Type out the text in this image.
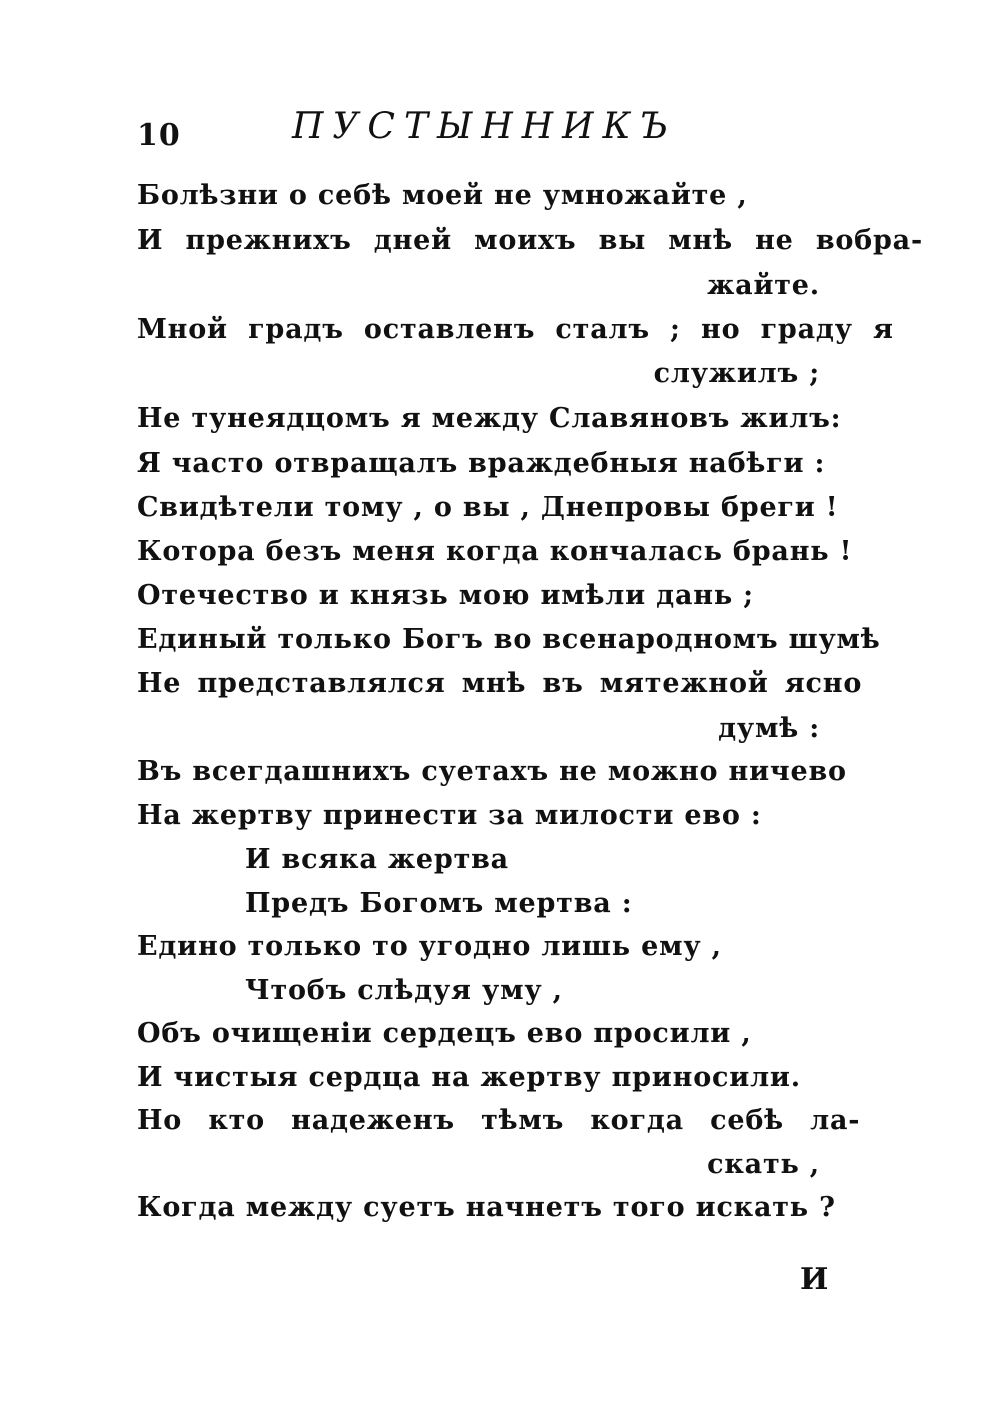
10	ПУСТЫННИКЪ
Болѣзни о себѣ моей не умножайте ,
И прежнихъ дней моихъ вы мнѣ не вобра-
жайте.
Мной градъ оставленъ сталъ ; но граду я
служилъ ;
Не тунеядцомъ я между Славяновъ жилъ:
Я часто отвращалъ враждебныя набѣги :
Свидѣтели тому , о вы , Днепровы бреги !
Котора безъ меня когда кончалась брань !
Отечество и князь мою имѣли дань ;
Единый только Богъ во всенародномъ шумѣ
Не представлялся мнѣ въ мятежной ясно
думѣ :
Въ всегдашнихъ суетахъ не можно ничево
На жертву принести за милости ево :
И всяка жертва
Предъ Богомъ мертва :
Едино только то угодно лишь ему ,
Чтобъ слѣдуя уму ,
Объ очищенiи сердецъ ево просили ,
И чистыя сердца на жертву приносили.
Но кто надеженъ тѣмъ когда себѣ ла-
скать ,
Когда между суетъ начнетъ того искать ?
И
